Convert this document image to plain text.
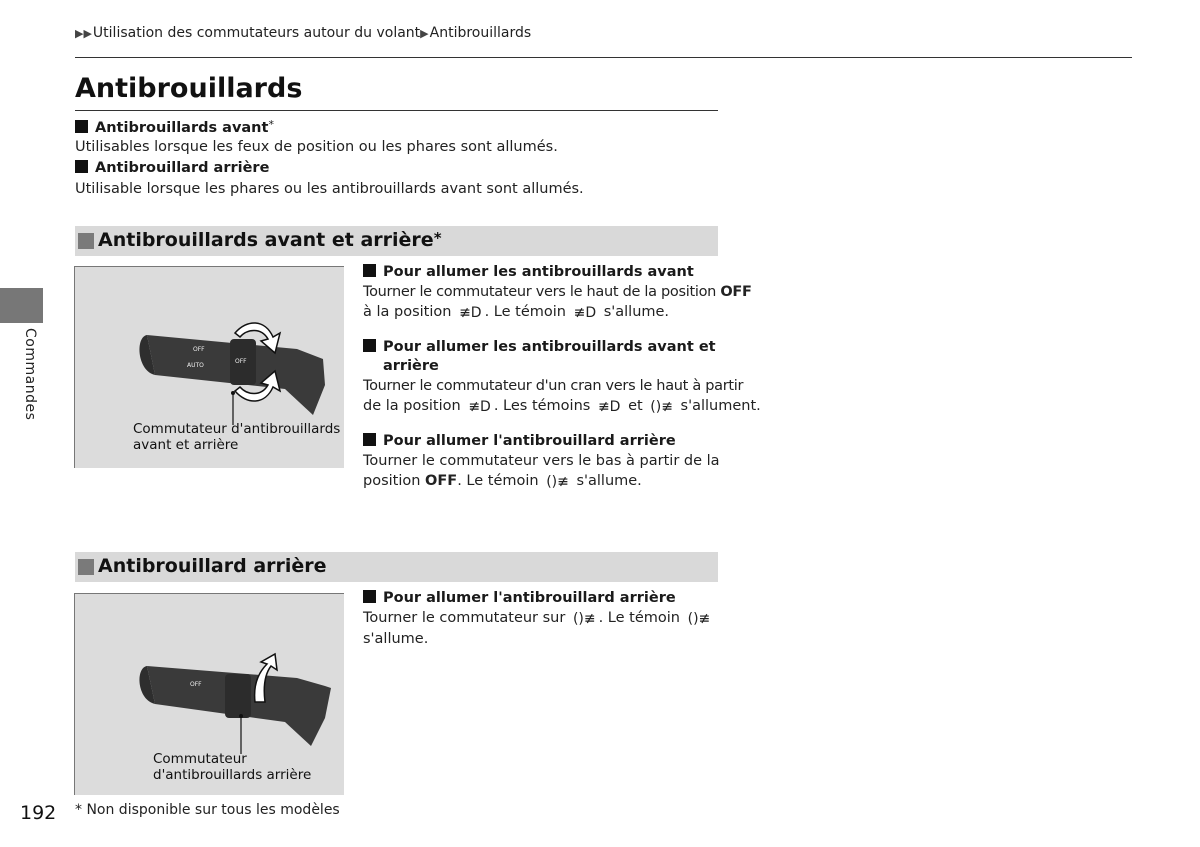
▶▶Utilisation des commutateurs autour du volant▶Antibrouillards
Antibrouillards
Antibrouillards avant*
Utilisables lorsque les feux de position ou les phares sont allumés.
Antibrouillard arrière
Utilisable lorsque les phares ou les antibrouillards avant sont allumés.
Antibrouillards avant et arrière*
OFF
AUTO
OFF
Commutateur d'antibrouillards
avant et arrière
Pour allumer les antibrouillards avant
Tourner le commutateur vers le haut de la position OFF
à la position ≢D . Le témoin ≢D s'allume.
Pour allumer les antibrouillards avant et
arrière
Tourner le commutateur d'un cran vers le haut à partir
de la position ≢D . Les témoins ≢D et ()≢ s'allument.
Pour allumer l'antibrouillard arrière
Tourner le commutateur vers le bas à partir de la
position OFF. Le témoin ()≢ s'allume.
Antibrouillard arrière
OFF
Commutateur
d'antibrouillards arrière
Pour allumer l'antibrouillard arrière
Tourner le commutateur sur ()≢ . Le témoin ()≢
s'allume.
Commandes
192 * Non disponible sur tous les modèles
